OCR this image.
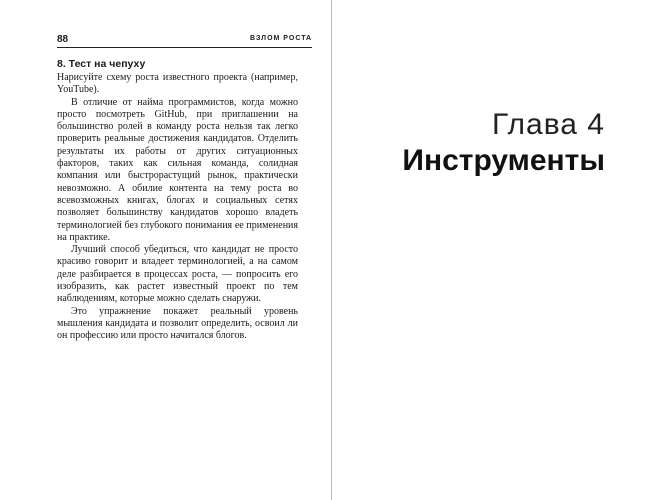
88	ВЗЛОМ РОСТА
8. Тест на чепуху

Нарисуйте схему роста известного проекта (например, YouTube).

В отличие от найма программистов, когда можно просто посмотреть GitHub, при приглашении на большинство ролей в команду роста нельзя так легко проверить реальные достижения кандидатов. Отделить результаты их работы от других ситуационных факторов, таких как сильная команда, солидная компания или быстрорастущий рынок, практически невозможно. А обилие контента на тему роста во всевозможных книгах, блогах и социальных сетях позволяет большинству кандидатов хорошо владеть терминологией без глубокого понимания ее применения на практике.

Лучший способ убедиться, что кандидат не просто красиво говорит и владеет терминологией, а на самом деле разбирается в процессах роста, — попросить его изобразить, как растет известный проект по тем наблюдениям, которые можно сделать снаружи.

Это упражнение покажет реальный уровень мышления кандидата и позволит определить, освоил ли он профессию или просто начитался блогов.

Глава 4
Инструменты
